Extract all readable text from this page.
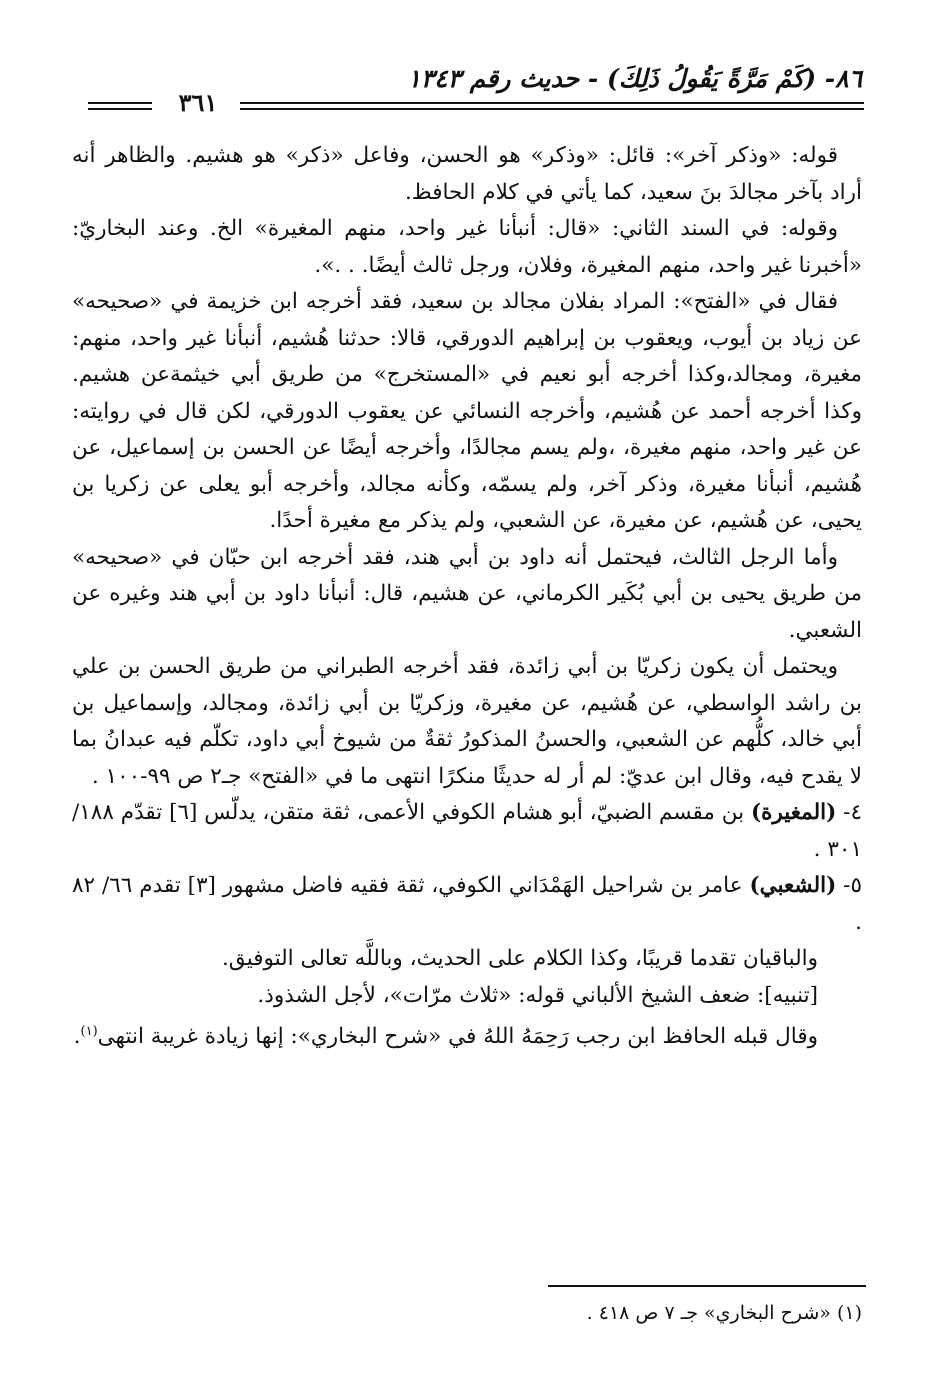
٨٦- (كَمْ مَرَّةً يَقُولُ ذَلِكَ) - حديث رقم ١٣٤٣
٣٦١

قوله: «وذكر آخر»: قائل: «وذكر» هو الحسن، وفاعل «ذكر» هو هشيم. والظاهر أنه أراد بآخر مجالدَ بنَ سعيد، كما يأتي في كلام الحافظ.

وقوله: في السند الثاني: «قال: أنبأنا غير واحد، منهم المغيرة» الخ. وعند البخاريّ: «أخبرنا غير واحد، منهم المغيرة، وفلان، ورجل ثالث أيضًا. . .».

فقال في «الفتح»: المراد بفلان مجالد بن سعيد، فقد أخرجه ابن خزيمة في «صحيحه» عن زياد بن أيوب، ويعقوب بن إبراهيم الدورقي، قالا: حدثنا هُشيم، أنبأنا غير واحد، منهم: مغيرة، ومجالد،وكذا أخرجه أبو نعيم في «المستخرج» من طريق أبي خيثمةعن هشيم. وكذا أخرجه أحمد عن هُشيم، وأخرجه النسائي عن يعقوب الدورقي، لكن قال في روايته: عن غير واحد، منهم مغيرة، ،ولم يسم مجالدًا، وأخرجه أيضًا عن الحسن بن إسماعيل، عن هُشيم، أنبأنا مغيرة، وذكر آخر، ولم يسمّه، وكأنه مجالد، وأخرجه أبو يعلى عن زكريا بن يحيى، عن هُشيم، عن مغيرة، عن الشعبي، ولم يذكر مع مغيرة أحدًا.

وأما الرجل الثالث، فيحتمل أنه داود بن أبي هند، فقد أخرجه ابن حبّان في «صحيحه» من طريق يحيى بن أبي بُكَير الكرماني، عن هشيم، قال: أنبأنا داود بن أبي هند وغيره عن الشعبي.

ويحتمل أن يكون زكريّا بن أبي زائدة، فقد أخرجه الطبراني من طريق الحسن بن علي بن راشد الواسطي، عن هُشيم، عن مغيرة، وزكريّا بن أبي زائدة، ومجالد، وإسماعيل بن أبي خالد، كلُّهم عن الشعبي، والحسنُ المذكورُ ثقةٌ من شيوخ أبي داود، تكلّم فيه عبدانُ بما لا يقدح فيه، وقال ابن عديّ: لم أر له حديثًا منكرًا انتهى ما في «الفتح» جـ٢ ص ٩٩-١٠٠ .

٤- (المغيرة) بن مقسم الضبيّ، أبو هشام الكوفي الأعمى، ثقة متقن، يدلّس [٦] تقدّم ١٨٨/ ٣٠١ .

٥- (الشعبي) عامر بن شراحيل الهَمْدَاني الكوفي، ثقة فقيه فاضل مشهور [٣] تقدم ٦٦/ ٨٢ .

والباقيان تقدما قريبًا، وكذا الكلام على الحديث، وباللَّه تعالى التوفيق.

[تنبيه]: ضعف الشيخ الألباني قوله: «ثلاث مرّات»، لأجل الشذوذ.

وقال قبله الحافظ ابن رجب رَحِمَهُ اللهُ في «شرح البخاري»: إنها زيادة غريبة انتهى$^{(١)}$.

(١) «شرح البخاري» جـ ٧ ص ٤١٨ .
